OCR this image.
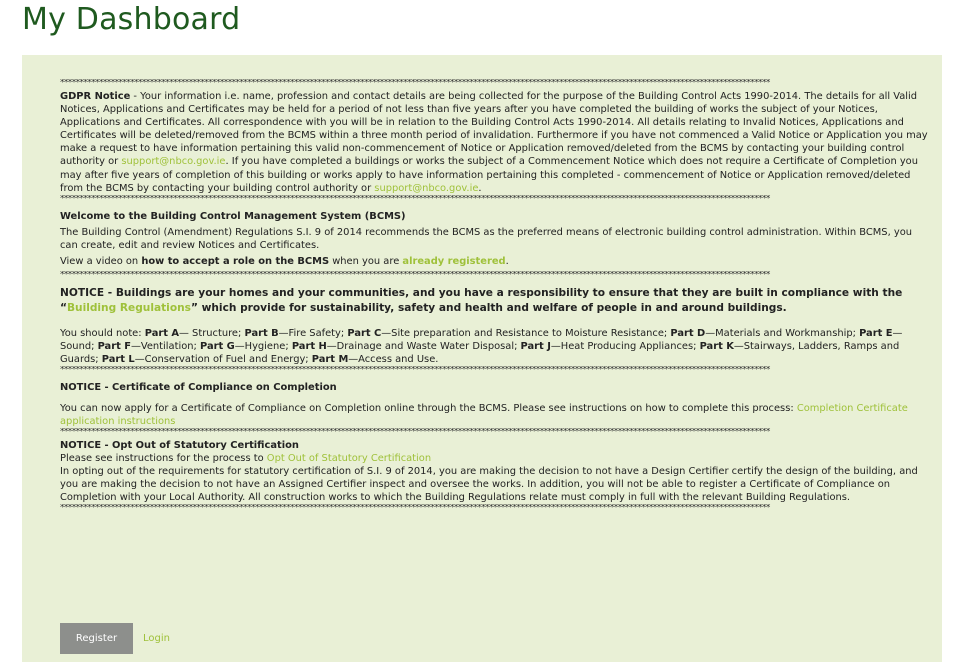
My Dashboard
**************************************************************************************************************************************************************************************

GDPR Notice - Your information i.e. name, profession and contact details are being collected for the purpose of the Building Control Acts 1990-2014. The details for all Valid Notices, Applications and Certificates may be held for a period of not less than five years after you have completed the building of works the subject of your Notices, Applications and Certificates. All correspondence with you will be in relation to the Building Control Acts 1990-2014. All details relating to Invalid Notices, Applications and Certificates will be deleted/removed from the BCMS within a three month period of invalidation. Furthermore if you have not commenced a Valid Notice or Application you may make a request to have information pertaining this valid non-commencement of Notice or Application removed/deleted from the BCMS by contacting your building control authority or support@nbco.gov.ie. If you have completed a buildings or works the subject of a Commencement Notice which does not require a Certificate of Completion you may after five years of completion of this building or works apply to have information pertaining this completed - commencement of Notice or Application removed/deleted from the BCMS by contacting your building control authority or support@nbco.gov.ie.

**************************************************************************************************************************************************************************************

Welcome to the Building Control Management System (BCMS)

The Building Control (Amendment) Regulations S.I. 9 of 2014 recommends the BCMS as the preferred means of electronic building control administration. Within BCMS, you can create, edit and review Notices and Certificates.

View a video on how to accept a role on the BCMS when you are already registered.

**************************************************************************************************************************************************************************************

NOTICE - Buildings are your homes and your communities, and you have a responsibility to ensure that they are built in compliance with the “Building Regulations” which provide for sustainability, safety and health and welfare of people in and around buildings.

You should note: Part A— Structure; Part B—Fire Safety; Part C—Site preparation and Resistance to Moisture Resistance; Part D—Materials and Workmanship; Part E—Sound; Part F—Ventilation; Part G—Hygiene; Part H—Drainage and Waste Water Disposal; Part J—Heat Producing Appliances; Part K—Stairways, Ladders, Ramps and Guards; Part L—Conservation of Fuel and Energy; Part M—Access and Use.

**************************************************************************************************************************************************************************************

NOTICE - Certificate of Compliance on Completion

You can now apply for a Certificate of Compliance on Completion online through the BCMS. Please see instructions on how to complete this process: Completion Certificate application instructions

**************************************************************************************************************************************************************************************

NOTICE - Opt Out of Statutory Certification

Please see instructions for the process to Opt Out of Statutory Certification

In opting out of the requirements for statutory certification of S.I. 9 of 2014, you are making the decision to not have a Design Certifier certify the design of the building, and you are making the decision to not have an Assigned Certifier inspect and oversee the works. In addition, you will not be able to register a Certificate of Compliance on Completion with your Local Authority. All construction works to which the Building Regulations relate must comply in full with the relevant Building Regulations.

**************************************************************************************************************************************************************************************
Register	Login
